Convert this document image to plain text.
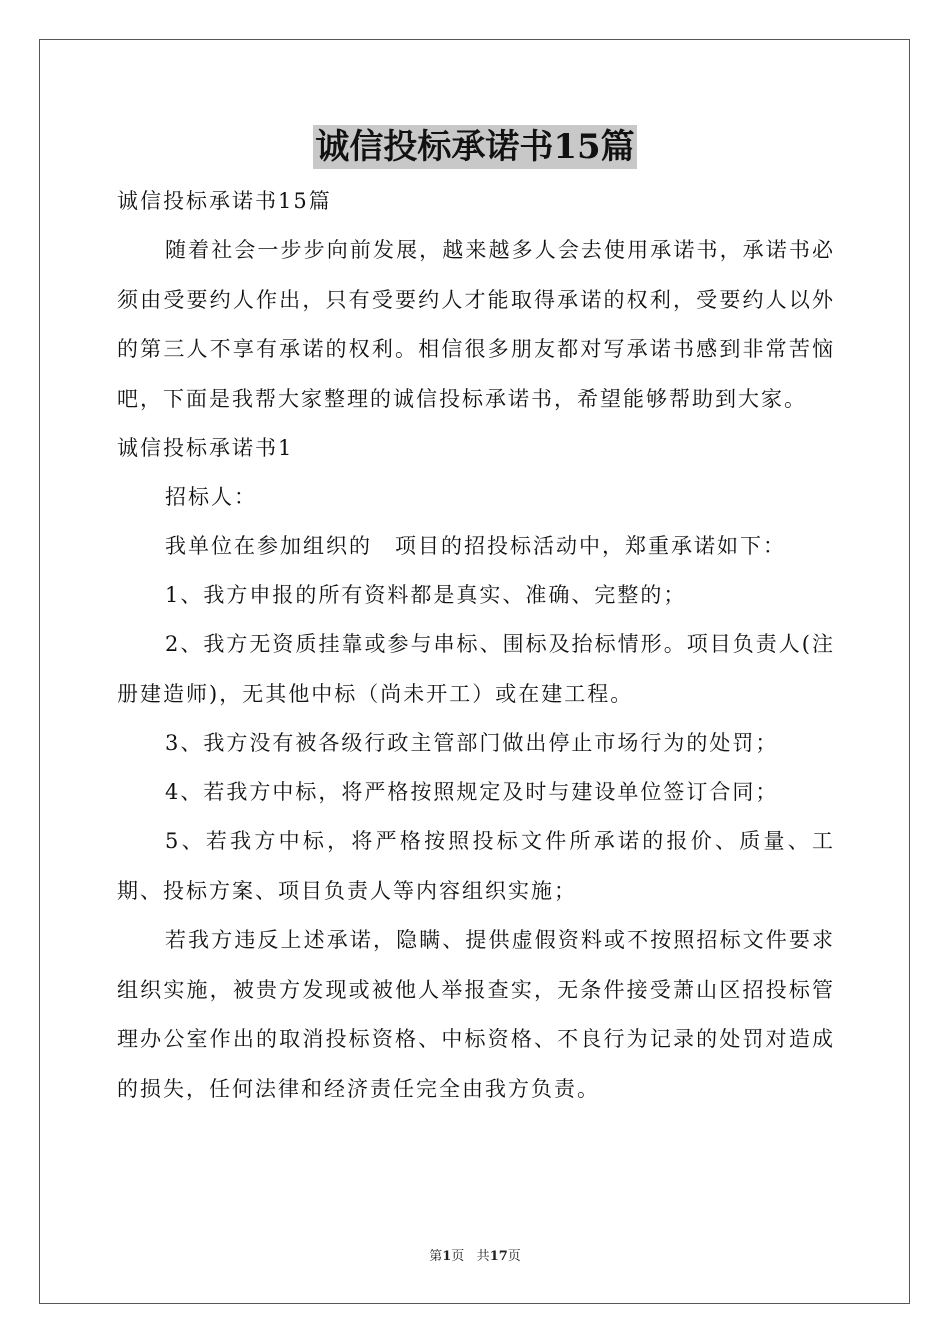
诚信投标承诺书15篇

诚信投标承诺书15篇

随着社会一步步向前发展，越来越多人会去使用承诺书，承诺书必须由受要约人作出，只有受要约人才能取得承诺的权利，受要约人以外的第三人不享有承诺的权利。相信很多朋友都对写承诺书感到非常苦恼吧，下面是我帮大家整理的诚信投标承诺书，希望能够帮助到大家。

诚信投标承诺书1

招标人：

我单位在参加组织的　项目的招投标活动中，郑重承诺如下：

1、我方申报的所有资料都是真实、准确、完整的；

2、我方无资质挂靠或参与串标、围标及抬标情形。项目负责人(注册建造师)，无其他中标（尚未开工）或在建工程。

3、我方没有被各级行政主管部门做出停止市场行为的处罚；

4、若我方中标，将严格按照规定及时与建设单位签订合同；

5、若我方中标，将严格按照投标文件所承诺的报价、质量、工期、投标方案、项目负责人等内容组织实施；

若我方违反上述承诺，隐瞒、提供虚假资料或不按照招标文件要求组织实施，被贵方发现或被他人举报查实，无条件接受萧山区招投标管理办公室作出的取消投标资格、中标资格、不良行为记录的处罚对造成的损失，任何法律和经济责任完全由我方负责。

第1页 共17页
